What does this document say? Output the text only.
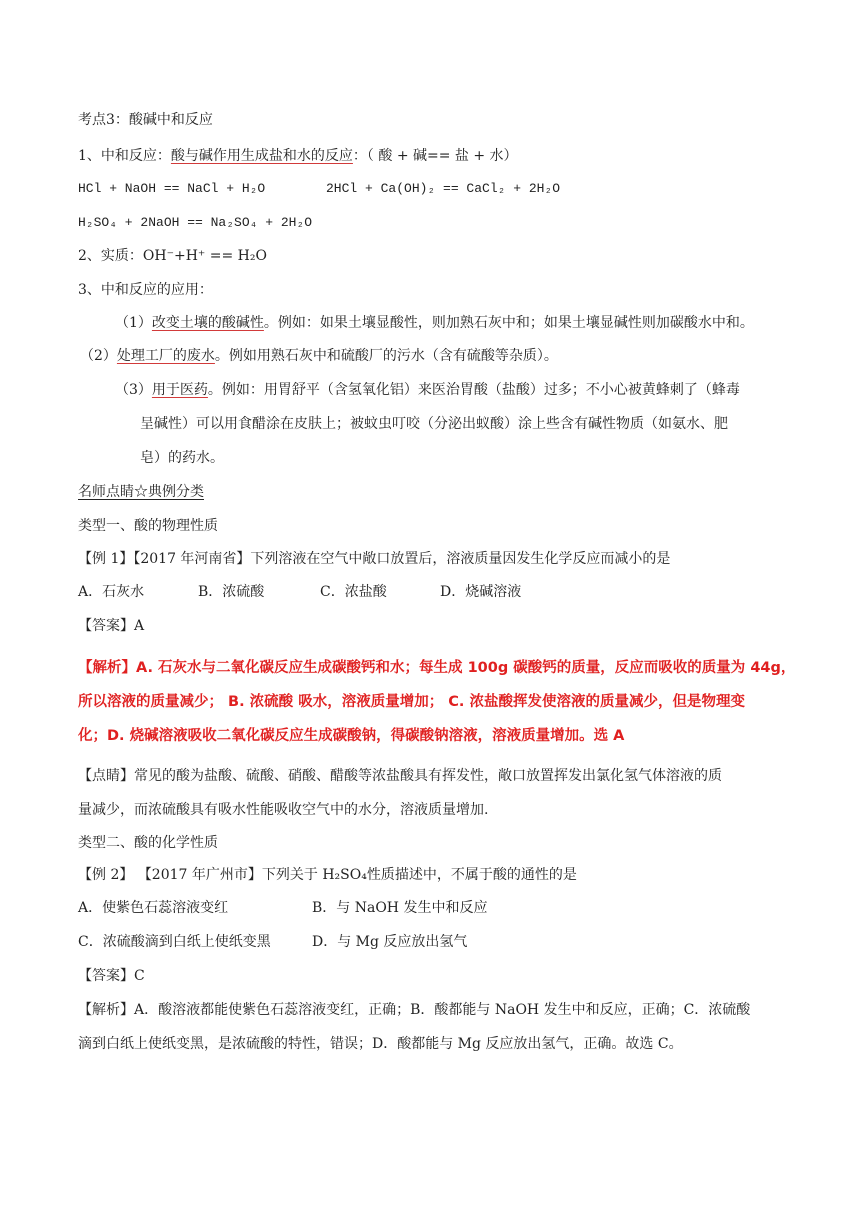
考点3：酸碱中和反应
1、中和反应：酸与碱作用生成盐和水的反应：（ 酸 + 碱== 盐 + 水）
HCl + NaOH == NaCl + H₂O	2HCl + Ca(OH)₂ == CaCl₂ + 2H₂O
H₂SO₄ + 2NaOH == Na₂SO₄ + 2H₂O
2、实质：OH⁻+H⁺ == H₂O
3、中和反应的应用：
（1）改变土壤的酸碱性。例如：如果土壤显酸性，则加熟石灰中和；如果土壤显碱性则加碳酸水中和。
（2）处理工厂的废水。例如用熟石灰中和硫酸厂的污水（含有硫酸等杂质）。
（3）用于医药。例如：用胃舒平（含氢氧化铝）来医治胃酸（盐酸）过多；不小心被黄蜂刺了（蜂毒
呈碱性）可以用食醋涂在皮肤上；被蚊虫叮咬（分泌出蚁酸）涂上些含有碱性物质（如氨水、肥
皂）的药水。
名师点睛☆典例分类
类型一、酸的物理性质
【例 1】【2017 年河南省】下列溶液在空气中敞口放置后，溶液质量因发生化学反应而减小的是
A．石灰水	B．浓硫酸	C．浓盐酸	D．烧碱溶液
【答案】A
【解析】A. 石灰水与二氧化碳反应生成碳酸钙和水；每生成 100g 碳酸钙的质量，反应而吸收的质量为 44g，
所以溶液的质量减少； B. 浓硫酸 吸水，溶液质量增加； C. 浓盐酸挥发使溶液的质量减少，但是物理变
化；D. 烧碱溶液吸收二氧化碳反应生成碳酸钠，得碳酸钠溶液，溶液质量增加。选 A
【点睛】常见的酸为盐酸、硫酸、硝酸、醋酸等浓盐酸具有挥发性，敞口放置挥发出氯化氢气体溶液的质
量减少，而浓硫酸具有吸水性能吸收空气中的水分，溶液质量增加.
类型二、酸的化学性质
【例 2】 【2017 年广州市】下列关于 H₂SO₄性质描述中，不属于酸的通性的是
A．使紫色石蕊溶液变红	B．与 NaOH 发生中和反应
C．浓硫酸滴到白纸上使纸变黑	D．与 Mg 反应放出氢气
【答案】C
【解析】A．酸溶液都能使紫色石蕊溶液变红，正确；B．酸都能与 NaOH 发生中和反应，正确；C．浓硫酸
滴到白纸上使纸变黑，是浓硫酸的特性，错误；D．酸都能与 Mg 反应放出氢气，正确。故选 C。
